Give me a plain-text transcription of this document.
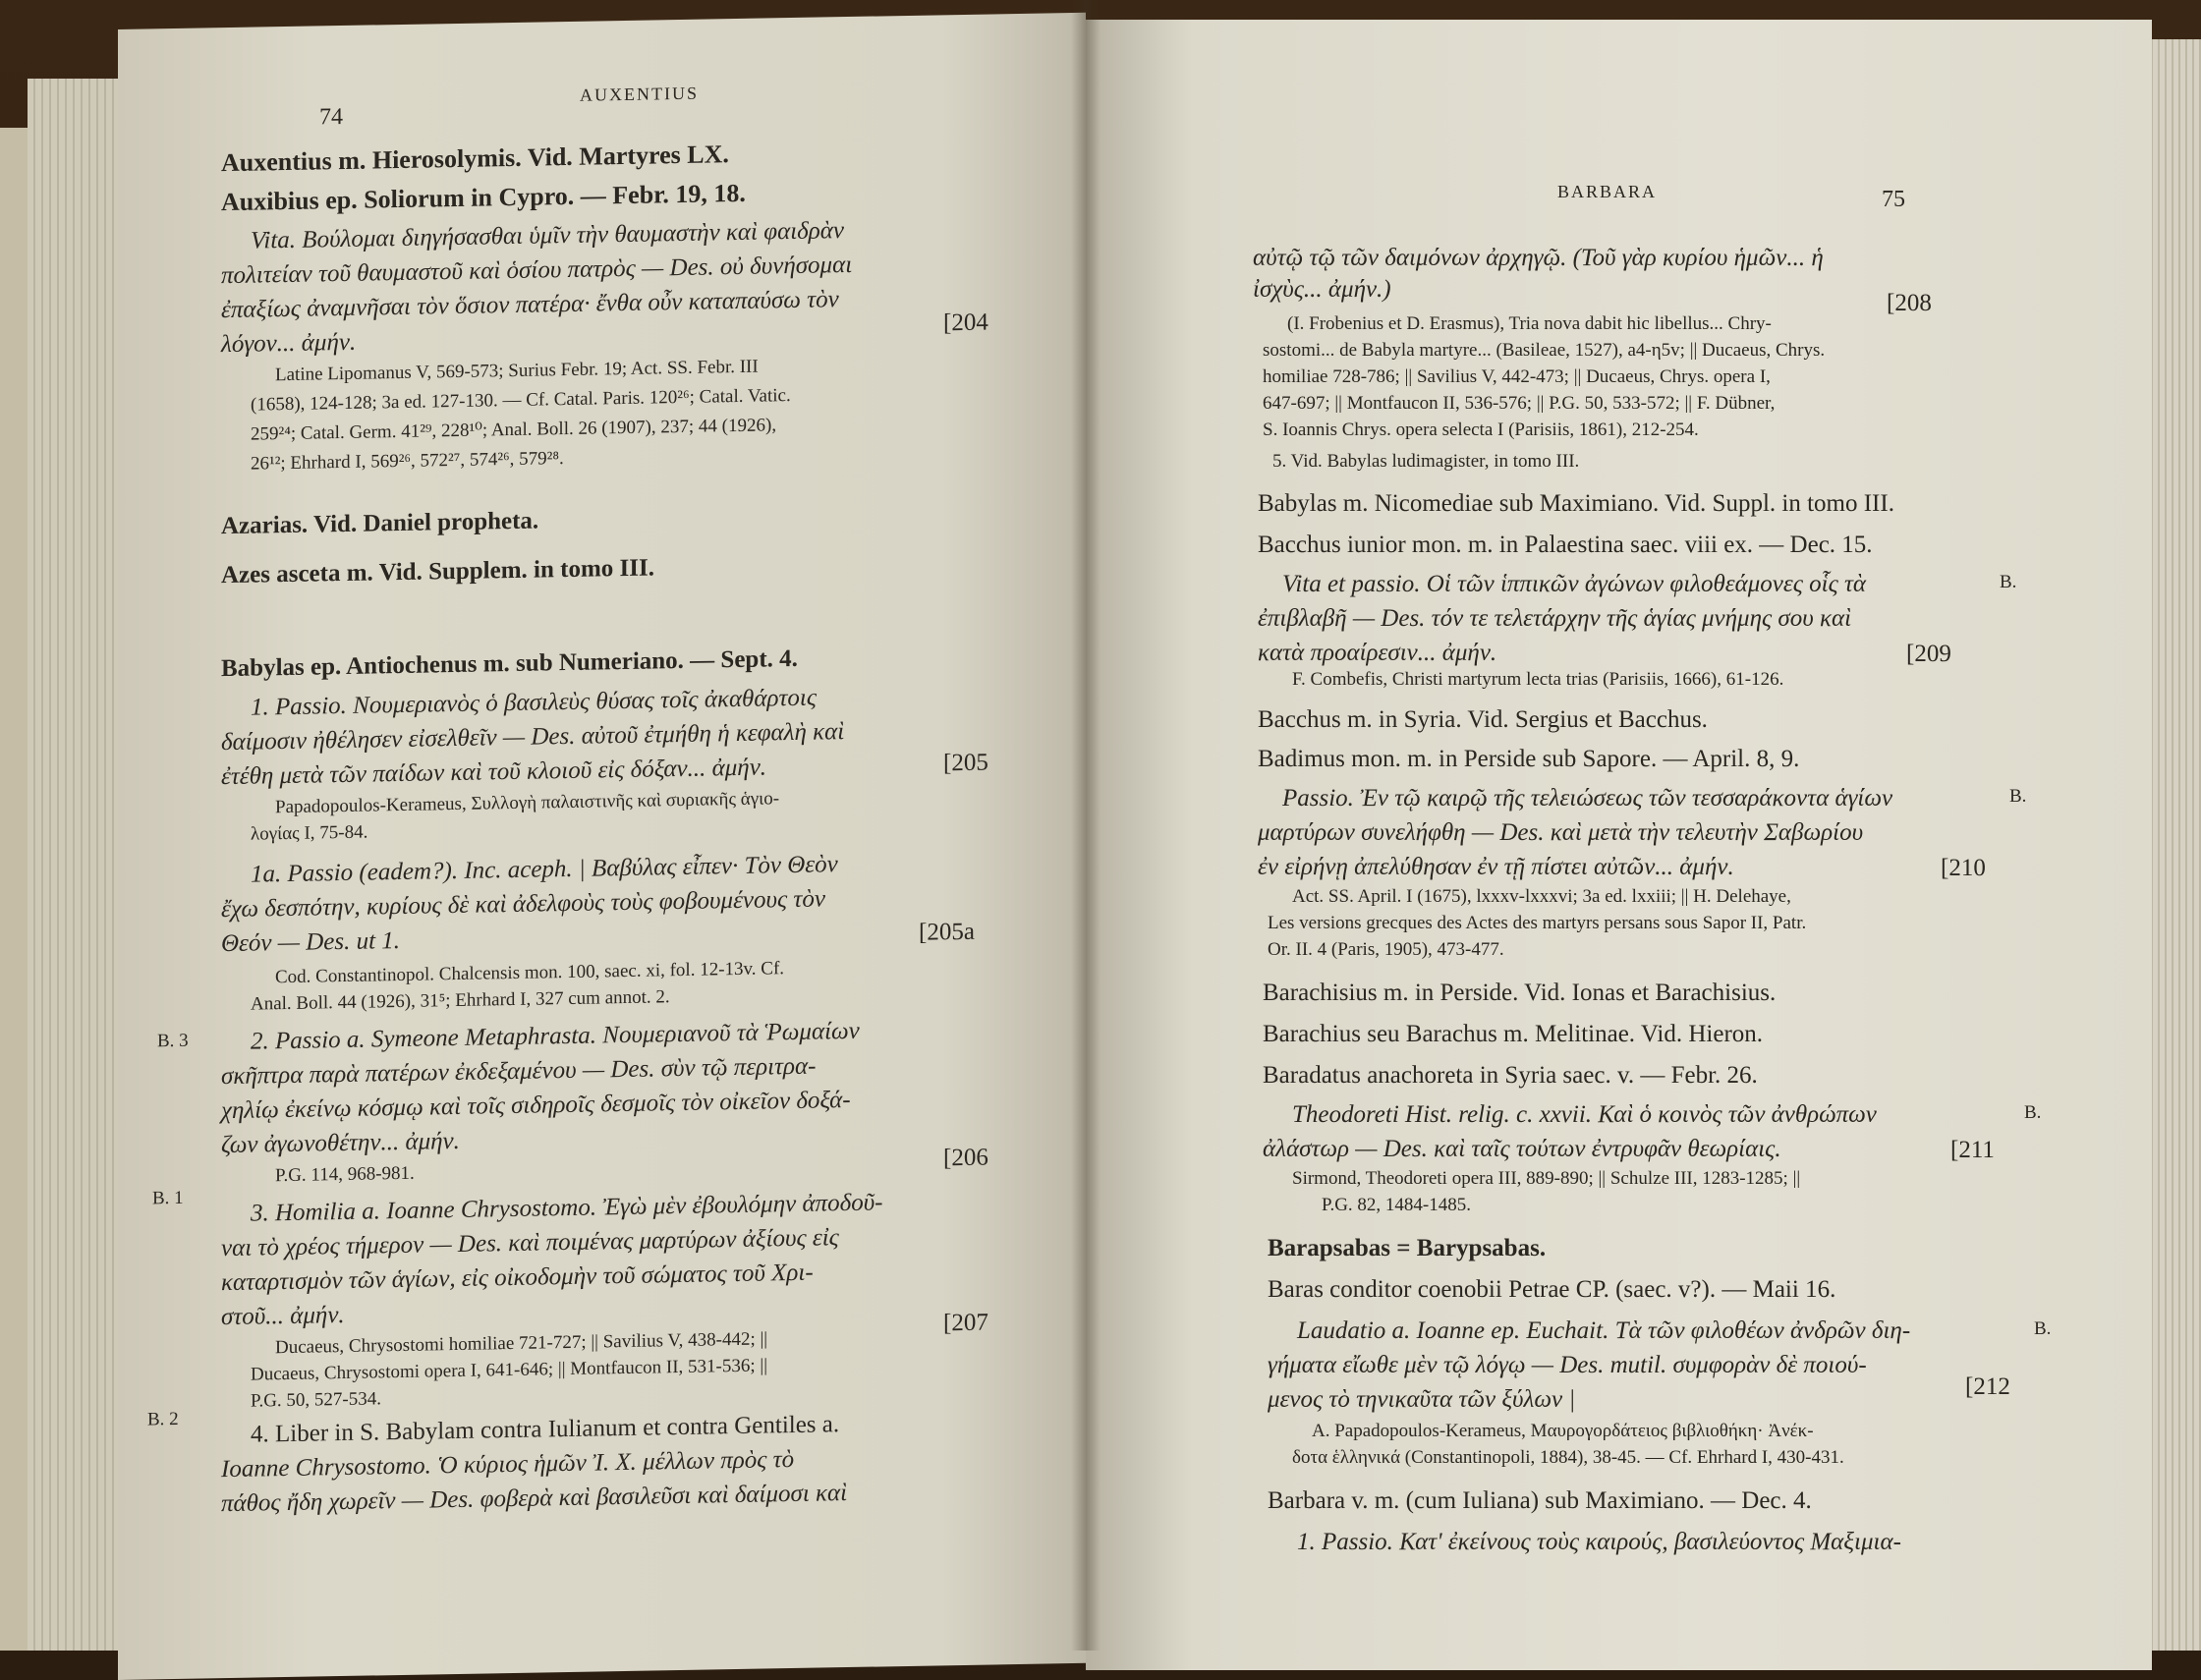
74
AUXENTIUS
Auxentius m. Hierosolymis. Vid. Martyres LX.
Auxibius ep. Soliorum in Cypro. — Febr. 19, 18.
Vita. Βούλομαι διηγήσασθαι ὑμῖν τὴν θαυμαστὴν καὶ φαιδρὰν
πολιτείαν τοῦ θαυμαστοῦ καὶ ὁσίου πατρὸς — Des. οὐ δυνήσομαι
ἐπαξίως ἀναμνῆσαι τὸν ὅσιον πατέρα· ἔνθα οὖν καταπαύσω τὸν
λόγον... ἀμήν.
[204
Latine Lipomanus V, 569-573; Surius Febr. 19; Act. SS. Febr. III
(1658), 124-128; 3a ed. 127-130. — Cf. Catal. Paris. 120²⁶; Catal. Vatic.
259²⁴; Catal. Germ. 41²⁹, 228¹⁰; Anal. Boll. 26 (1907), 237; 44 (1926),
26¹²; Ehrhard I, 569²⁶, 572²⁷, 574²⁶, 579²⁸.
Azarias. Vid. Daniel propheta.
Azes asceta m. Vid. Supplem. in tomo III.
Babylas ep. Antiochenus m. sub Numeriano. — Sept. 4.
1. Passio. Νουμεριανὸς ὁ βασιλεὺς θύσας τοῖς ἀκαθάρτοις
δαίμοσιν ἠθέλησεν εἰσελθεῖν — Des. αὐτοῦ ἐτμήθη ἡ κεφαλὴ καὶ
ἐτέθη μετὰ τῶν παίδων καὶ τοῦ κλοιοῦ εἰς δόξαν... ἀμήν.	[205
Papadopoulos-Kerameus, Συλλογὴ παλαιστινῆς καὶ συριακῆς ἁγιο-
λογίας I, 75-84.
1a. Passio (eadem?). Inc. aceph. | Βαβύλας εἶπεν· Τὸν Θεὸν
ἔχω δεσπότην, κυρίους δὲ καὶ ἀδελφοὺς τοὺς φοβουμένους τὸν
Θεόν — Des. ut 1.	[205a
Cod. Constantinopol. Chalcensis mon. 100, saec. xi, fol. 12-13v. Cf.
Anal. Boll. 44 (1926), 31⁵; Ehrhard I, 327 cum annot. 2.
B. 3	2. Passio a. Symeone Metaphrasta. Νουμεριανοῦ τὰ Ῥωμαίων
σκῆπτρα παρὰ πατέρων ἐκδεξαμένου — Des. σὺν τῷ περιτρα-
χηλίῳ ἐκείνῳ κόσμῳ καὶ τοῖς σιδηροῖς δεσμοῖς τὸν οἰκεῖον δοξά-
ζων ἀγωνοθέτην... ἀμήν.
P.G. 114, 968-981.
[206
B. 1	3. Homilia a. Ioanne Chrysostomo. Ἐγὼ μὲν ἐβουλόμην ἀποδοῦ-
ναι τὸ χρέος τήμερον — Des. καὶ ποιμένας μαρτύρων ἀξίους εἰς
καταρτισμὸν τῶν ἁγίων, εἰς οἰκοδομὴν τοῦ σώματος τοῦ Χρι-
στοῦ... ἀμήν.	[207
Ducaeus, Chrysostomi homiliae 721-727; || Savilius V, 438-442; ||
Ducaeus, Chrysostomi opera I, 641-646; || Montfaucon II, 531-536; ||
P.G. 50, 527-534.
B. 2	4. Liber in S. Babylam contra Iulianum et contra Gentiles a.
Ioanne Chrysostomo. Ὁ κύριος ἡμῶν Ἰ. Χ. μέλλων πρὸς τὸ
πάθος ἤδη χωρεῖν — Des. φοβερὰ καὶ βασιλεῦσι καὶ δαίμοσι καὶ
BARBARA	75
αὐτῷ τῷ τῶν δαιμόνων ἀρχηγῷ. (Τοῦ γὰρ κυρίου ἡμῶν... ἡ
ἰσχὺς... ἀμήν.)
[208
(I. Frobenius et D. Erasmus), Tria nova dabit hic libellus... Chry-
sostomi... de Babyla martyre... (Basileae, 1527), a4-η5v; || Ducaeus, Chrys.
homiliae 728-786; || Savilius V, 442-473; || Ducaeus, Chrys. opera I,
647-697; || Montfaucon II, 536-576; || P.G. 50, 533-572; || F. Dübner,
S. Ioannis Chrys. opera selecta I (Parisiis, 1861), 212-254.
5. Vid. Babylas ludimagister, in tomo III.
Babylas m. Nicomediae sub Maximiano. Vid. Suppl. in tomo III.
Bacchus iunior mon. m. in Palaestina saec. viii ex. — Dec. 15.
Vita et passio. Οἱ τῶν ἱππικῶν ἀγώνων φιλοθεάμονες οἷς τὰ	B.
ἐπιβλαβῆ — Des. τόν τε τελετάρχην τῆς ἁγίας μνήμης σου καὶ
κατὰ προαίρεσιν... ἀμήν.	[209
F. Combefis, Christi martyrum lecta trias (Parisiis, 1666), 61-126.
Bacchus m. in Syria. Vid. Sergius et Bacchus.
Badimus mon. m. in Perside sub Sapore. — April. 8, 9.
Passio. Ἐν τῷ καιρῷ τῆς τελειώσεως τῶν τεσσαράκοντα ἁγίων	B.
μαρτύρων συνελήφθη — Des. καὶ μετὰ τὴν τελευτὴν Σαβωρίου
ἐν εἰρήνῃ ἀπελύθησαν ἐν τῇ πίστει αὐτῶν... ἀμήν.	[210
Act. SS. April. I (1675), lxxxv-lxxxvi; 3a ed. lxxiii; || H. Delehaye,
Les versions grecques des Actes des martyrs persans sous Sapor II, Patr.
Or. II. 4 (Paris, 1905), 473-477.
Barachisius m. in Perside. Vid. Ionas et Barachisius.
Barachius seu Barachus m. Melitinae. Vid. Hieron.
Baradatus anachoreta in Syria saec. v. — Febr. 26.
Theodoreti Hist. relig. c. xxvii. Καὶ ὁ κοινὸς τῶν ἀνθρώπων	B.
ἀλάστωρ — Des. καὶ ταῖς τούτων ἐντρυφᾶν θεωρίαις.	[211
Sirmond, Theodoreti opera III, 889-890; || Schulze III, 1283-1285; ||
P.G. 82, 1484-1485.
Barapsabas = Barypsabas.
Baras conditor coenobii Petrae CP. (saec. v?). — Maii 16.
Laudatio a. Ioanne ep. Euchait. Τὰ τῶν φιλοθέων ἀνδρῶν διη-	B.
γήματα εἴωθε μὲν τῷ λόγῳ — Des. mutil. συμφορὰν δὲ ποιού-
μενος τὸ τηνικαῦτα τῶν ξύλων |	[212
A. Papadopoulos-Kerameus, Μαυρογορδάτειος βιβλιοθήκη· Ἀνέκ-
δοτα ἑλληνικά (Constantinopoli, 1884), 38-45. — Cf. Ehrhard I, 430-431.
Barbara v. m. (cum Iuliana) sub Maximiano. — Dec. 4.
1. Passio. Κατ' ἐκείνους τοὺς καιρούς, βασιλεύοντος Μαξιμια-
